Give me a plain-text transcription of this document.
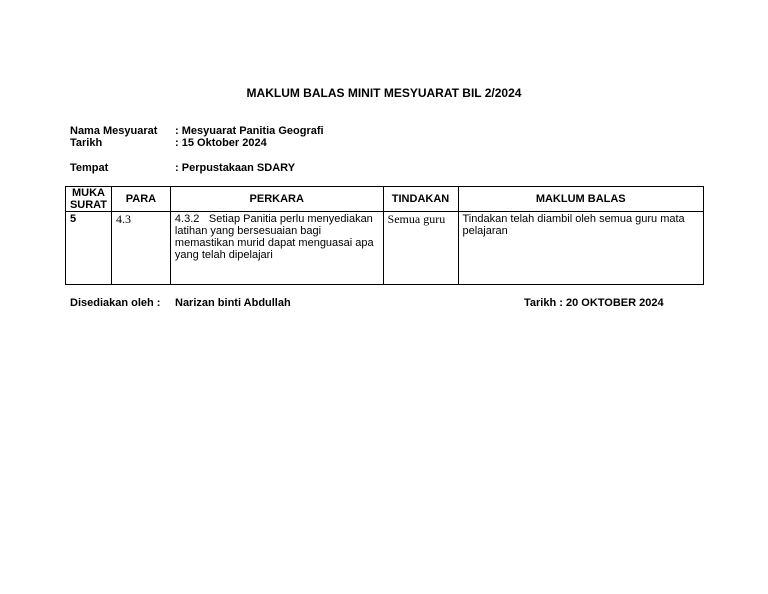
MAKLUM BALAS MINIT MESYUARAT BIL 2/2024
Nama Mesyuarat	: Mesyuarat Panitia Geografi
Tarikh	: 15 Oktober 2024
Tempat	: Perpustakaan SDARY
MUKA
SURAT	PARA	PERKARA	TINDAKAN	MAKLUM BALAS
5	4.3	4.3.2 Setiap Panitia perlu menyediakan latihan yang bersesuaian bagi memastikan murid dapat menguasai apa yang telah dipelajari	Semua guru	Tindakan telah diambil oleh semua guru mata pelajaran
Disediakan oleh : Narizan binti Abdullah	Tarikh : 20 OKTOBER 2024
